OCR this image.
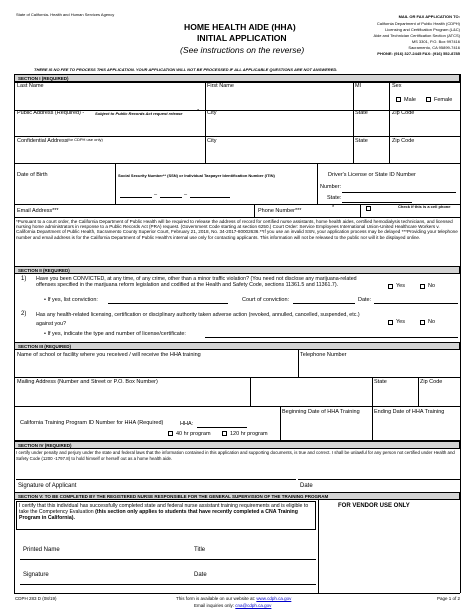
State of California- Health and Human Services Agency
HOME HEALTH AIDE (HHA)
INITIAL APPLICATION
(See instructions on the reverse)
MAIL OR FAX APPLICATION TO:
California Department of Public Health (CDPH)
Licensing and Certification Program (L&C)
Aide and Technician Certification Section (ATCS)
MS 3301, P.O. Box 997416
Sacramento, CA 95899-7416
PHONE: (916) 327-2445 FAX: (916) 552-8785
THERE IS NO FEE TO PROCESS THIS APPLICATION. YOUR APPLICATION WILL NOT BE PROCESSED IF ALL APPLICABLE QUESTIONS ARE NOT ANSWERED.
SECTION I (REQUIRED)
Last Name	First Name	MI	Sex
Male	Female
Public Address (Required) -	Subject to Public Records Act request release	* City	State	Zip Code
Confidential Address (for CDPH use only)	City	State	Zip Code
Date of Birth	Social Security Number** (SSN) or Individual Taxpayer Identification Number (ITIN)	Driver's License or State ID Number
–	–
Number:
State:
Email Address***	Phone Number***	*	Check if this is a cell phone
*Pursuant to a court order, the California Department of Public Health will be required to release the address of record for certified nurse assistants, home health aides, certified hemodialysis technicians, and licensed nursing home administrators in response to a Public Records Act (PRA) request. (Government Code starting at section 6250.) Court Order: Service Employees International Union-United Healthcare Workers v. California Department of Public Health, Sacramento County Superior Court, February 21, 2018, No. 34-2017-80002636.**If you use an invalid SSN, your application process may be delayed ***Providing your telephone number and email address is for the California Department of Public Health's internal use only for contacting applicants. This information will not be released to the public nor will it be displayed online.
SECTION II (REQUIRED)
1) Have you been CONVICTED, at any time, of any crime, other than a minor traffic violation? (You need not disclose any marijuana-related offenses specified in the marijuana reform legislation and codified at the Health and Safety Code, sections 11361.5 and 11361.7).	Yes	No
• If yes, list conviction:	Court of conviction:	Date:
2) Has any health-related licensing, certification or disciplinary authority taken adverse action (revoked, annulled, cancelled, suspended, etc.) against you?	Yes	No
• If yes, indicate the type and number of license/certificate:
SECTION III (REQUIRED)
Name of school or facility where you received / will receive the HHA training	Telephone Number
Mailing Address (Number and Street or P.O. Box Number)	State	Zip Code
California Training Program ID Number for HHA (Required)	HHA:
40 hr program	120 hr program
Beginning Date of HHA Training	Ending Date of HHA Training
SECTION IV (REQUIRED)
I certify under penalty and perjury under the state and federal laws that the information contained in this application and supporting documents, is true and correct. I shall be unlawful for any person not certified under Health and Safety Code (1200 -1797.8) to hold himself or herself out as a home health aide.
Signature of Applicant	Date
SECTION V: TO BE COMPLETED BY THE REGISTERED NURSE RESPONSIBLE FOR THE GENERAL SUPERVISION OF THE TRAINING PROGRAM
I certify that this individual has successfully completed state and federal nurse assistant training requirements and is eligible to take the Competency Evaluation (this section only applies to students that have recently completed a CNA Training Program in California).
FOR VENDOR USE ONLY
Printed Name	Title
Signature	Date
CDPH 283 D (08/19)	This form is available on our website at: www.cdph.ca.gov
Email inquiries only: cna@cdph.ca.gov
Page 1 of 2
